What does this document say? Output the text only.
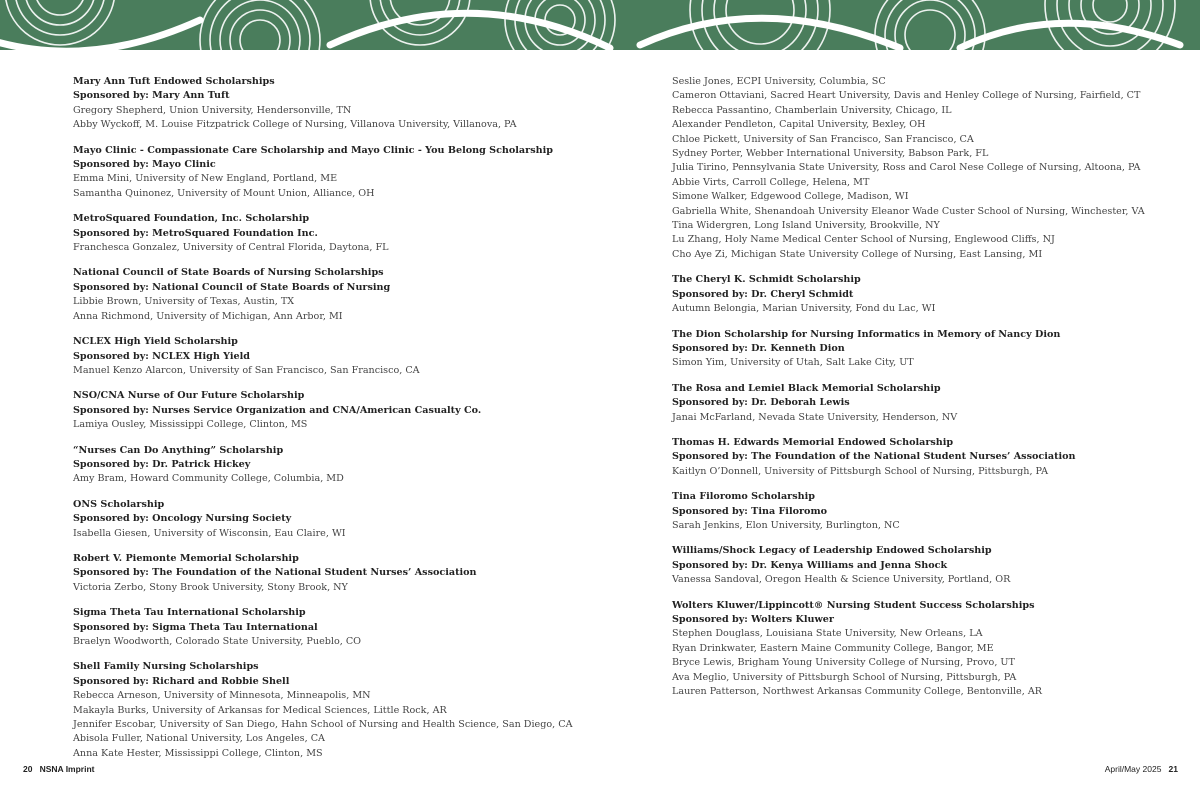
Mary Ann Tuft Endowed Scholarships
Sponsored by: Mary Ann Tuft
Gregory Shepherd, Union University, Hendersonville, TN
Abby Wyckoff, M. Louise Fitzpatrick College of Nursing, Villanova University, Villanova, PA
Mayo Clinic - Compassionate Care Scholarship and Mayo Clinic - You Belong Scholarship
Sponsored by: Mayo Clinic
Emma Mini, University of New England, Portland, ME
Samantha Quinonez, University of Mount Union, Alliance, OH
MetroSquared Foundation, Inc. Scholarship
Sponsored by: MetroSquared Foundation Inc.
Franchesca Gonzalez, University of Central Florida, Daytona, FL
National Council of State Boards of Nursing Scholarships
Sponsored by: National Council of State Boards of Nursing
Libbie Brown, University of Texas, Austin, TX
Anna Richmond, University of Michigan, Ann Arbor, MI
NCLEX High Yield Scholarship
Sponsored by: NCLEX High Yield
Manuel Kenzo Alarcon, University of San Francisco, San Francisco, CA
NSO/CNA Nurse of Our Future Scholarship
Sponsored by: Nurses Service Organization and CNA/American Casualty Co.
Lamiya Ousley, Mississippi College, Clinton, MS
“Nurses Can Do Anything” Scholarship
Sponsored by: Dr. Patrick Hickey
Amy Bram, Howard Community College, Columbia, MD
ONS Scholarship
Sponsored by: Oncology Nursing Society
Isabella Giesen, University of Wisconsin, Eau Claire, WI
Robert V. Piemonte Memorial Scholarship
Sponsored by: The Foundation of the National Student Nurses’ Association
Victoria Zerbo, Stony Brook University, Stony Brook, NY
Sigma Theta Tau International Scholarship
Sponsored by: Sigma Theta Tau International
Braelyn Woodworth, Colorado State University, Pueblo, CO
Shell Family Nursing Scholarships
Sponsored by: Richard and Robbie Shell
Rebecca Arneson, University of Minnesota, Minneapolis, MN
Makayla Burks, University of Arkansas for Medical Sciences, Little Rock, AR
Jennifer Escobar, University of San Diego, Hahn School of Nursing and Health Science, San Diego, CA
Abisola Fuller, National University, Los Angeles, CA
Anna Kate Hester, Mississippi College, Clinton, MS
Seslie Jones, ECPI University, Columbia, SC
Cameron Ottaviani, Sacred Heart University, Davis and Henley College of Nursing, Fairfield, CT
Rebecca Passantino, Chamberlain University, Chicago, IL
Alexander Pendleton, Capital University, Bexley, OH
Chloe Pickett, University of San Francisco, San Francisco, CA
Sydney Porter, Webber International University, Babson Park, FL
Julia Tirino, Pennsylvania State University, Ross and Carol Nese College of Nursing, Altoona, PA
Abbie Virts, Carroll College, Helena, MT
Simone Walker, Edgewood College, Madison, WI
Gabriella White, Shenandoah University Eleanor Wade Custer School of Nursing, Winchester, VA
Tina Widergren, Long Island University, Brookville, NY
Lu Zhang, Holy Name Medical Center School of Nursing, Englewood Cliffs, NJ
Cho Aye Zi, Michigan State University College of Nursing, East Lansing, MI
The Cheryl K. Schmidt Scholarship
Sponsored by: Dr. Cheryl Schmidt
Autumn Belongia, Marian University, Fond du Lac, WI
The Dion Scholarship for Nursing Informatics in Memory of Nancy Dion
Sponsored by: Dr. Kenneth Dion
Simon Yim, University of Utah, Salt Lake City, UT
The Rosa and Lemiel Black Memorial Scholarship
Sponsored by: Dr. Deborah Lewis
Janai McFarland, Nevada State University, Henderson, NV
Thomas H. Edwards Memorial Endowed Scholarship
Sponsored by: The Foundation of the National Student Nurses’ Association
Kaitlyn O’Donnell, University of Pittsburgh School of Nursing, Pittsburgh, PA
Tina Filoromo Scholarship
Sponsored by: Tina Filoromo
Sarah Jenkins, Elon University, Burlington, NC
Williams/Shock Legacy of Leadership Endowed Scholarship
Sponsored by: Dr. Kenya Williams and Jenna Shock
Vanessa Sandoval, Oregon Health & Science University, Portland, OR
Wolters Kluwer/Lippincott® Nursing Student Success Scholarships
Sponsored by: Wolters Kluwer
Stephen Douglass, Louisiana State University, New Orleans, LA
Ryan Drinkwater, Eastern Maine Community College, Bangor, ME
Bryce Lewis, Brigham Young University College of Nursing, Provo, UT
Ava Meglio, University of Pittsburgh School of Nursing, Pittsburgh, PA
Lauren Patterson, Northwest Arkansas Community College, Bentonville, AR
20 NSNA Imprint	April/May 2025 21
